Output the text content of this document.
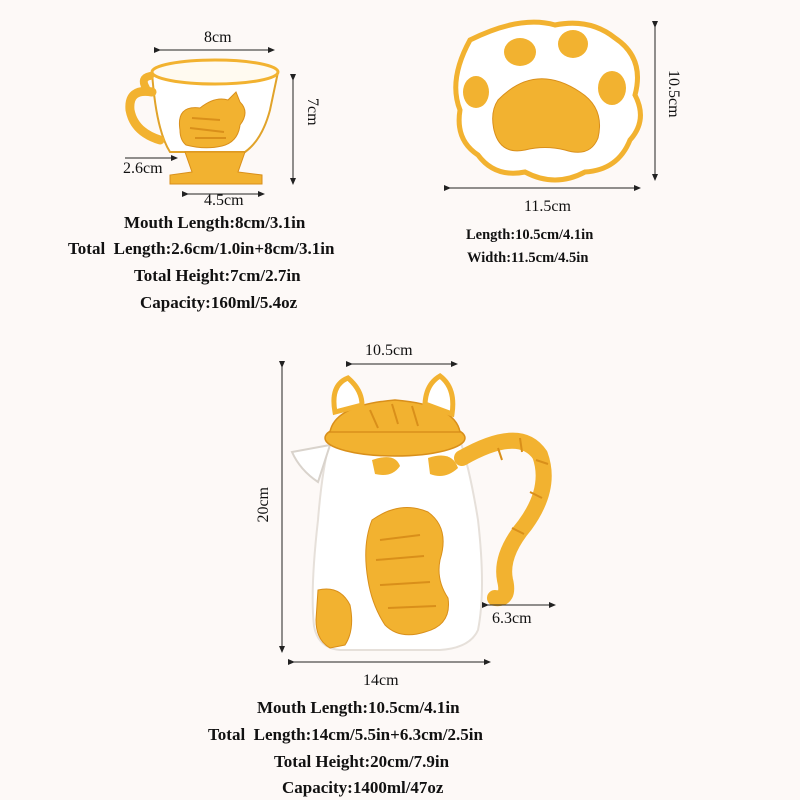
8cm
7cm
2.6cm
4.5cm
Mouth Length:8cm/3.1in
Total  Length:2.6cm/1.0in+8cm/3.1in
Total Height:7cm/2.7in
Capacity:160ml/5.4oz
10.5cm
11.5cm
Length:10.5cm/4.1in
Width:11.5cm/4.5in
10.5cm
20cm
6.3cm
14cm
Mouth Length:10.5cm/4.1in
Total  Length:14cm/5.5in+6.3cm/2.5in
Total Height:20cm/7.9in
Capacity:1400ml/47oz
